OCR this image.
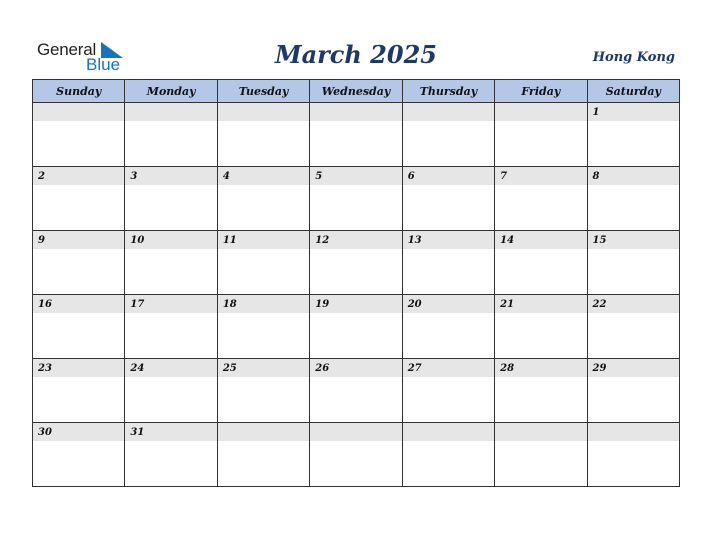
General
Blue	March 2025	Hong Kong
Sunday	Monday	Tuesday	Wednesday	Thursday	Friday	Saturday

						1

2	3	4	5	6	7	8

9	10	11	12	13	14	15

16	17	18	19	20	21	22

23	24	25	26	27	28	29

30	31					
